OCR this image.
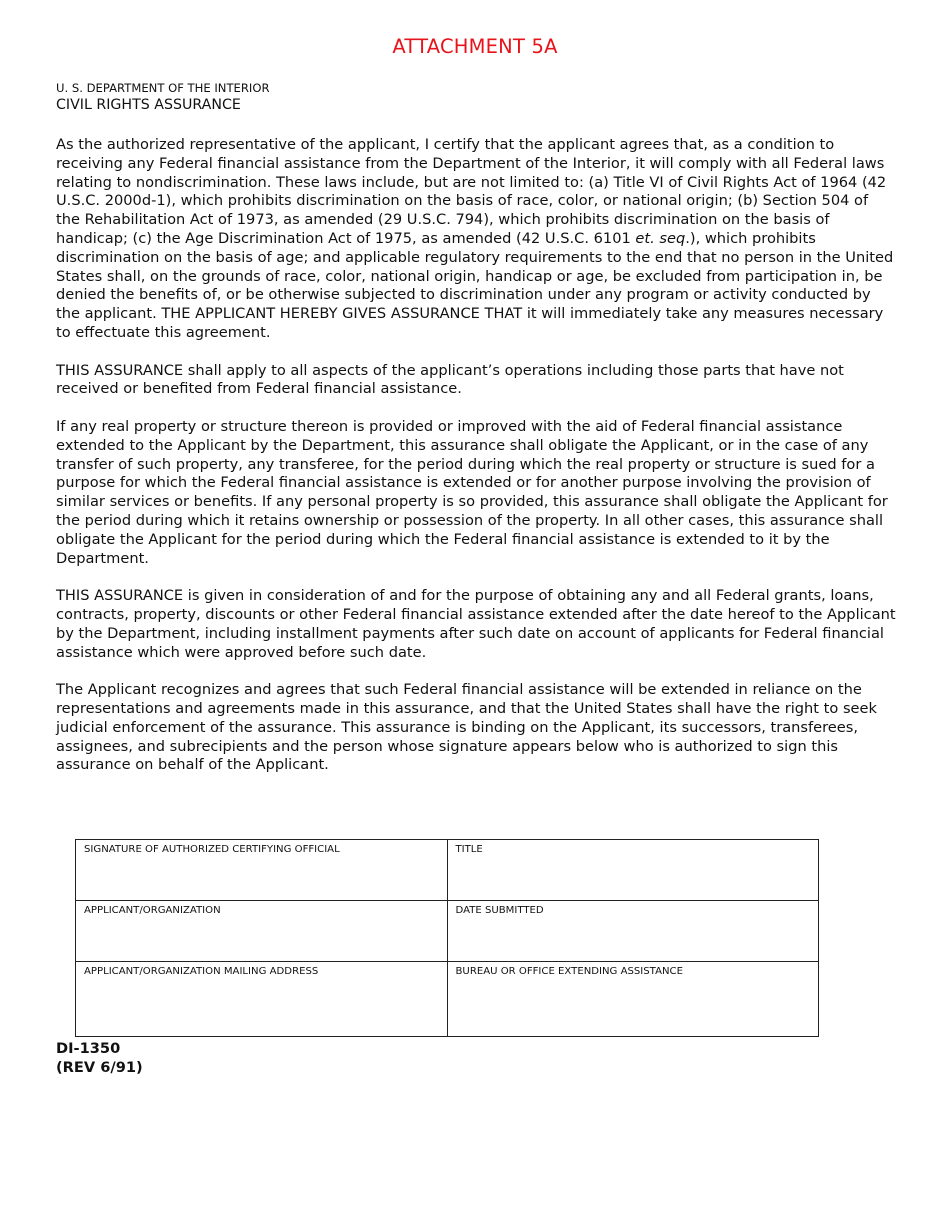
ATTACHMENT 5A
U. S. DEPARTMENT OF THE INTERIOR
CIVIL RIGHTS ASSURANCE

As the authorized representative of the applicant, I certify that the applicant agrees that, as a condition to receiving any Federal financial assistance from the Department of the Interior, it will comply with all Federal laws relating to nondiscrimination. These laws include, but are not limited to: (a) Title VI of Civil Rights Act of 1964 (42 U.S.C. 2000d-1), which prohibits discrimination on the basis of race, color, or national origin; (b) Section 504 of the Rehabilitation Act of 1973, as amended (29 U.S.C. 794), which prohibits discrimination on the basis of handicap; (c) the Age Discrimination Act of 1975, as amended (42 U.S.C. 6101 et. seq.), which prohibits discrimination on the basis of age; and applicable regulatory requirements to the end that no person in the United States shall, on the grounds of race, color, national origin, handicap or age, be excluded from participation in, be denied the benefits of, or be otherwise subjected to discrimination under any program or activity conducted by the applicant. THE APPLICANT HEREBY GIVES ASSURANCE THAT it will immediately take any measures necessary to effectuate this agreement.

THIS ASSURANCE shall apply to all aspects of the applicant’s operations including those parts that have not received or benefited from Federal financial assistance.

If any real property or structure thereon is provided or improved with the aid of Federal financial assistance extended to the Applicant by the Department, this assurance shall obligate the Applicant, or in the case of any transfer of such property, any transferee, for the period during which the real property or structure is sued for a purpose for which the Federal financial assistance is extended or for another purpose involving the provision of similar services or benefits. If any personal property is so provided, this assurance shall obligate the Applicant for the period during which it retains ownership or possession of the property. In all other cases, this assurance shall obligate the Applicant for the period during which the Federal financial assistance is extended to it by the Department.

THIS ASSURANCE is given in consideration of and for the purpose of obtaining any and all Federal grants, loans, contracts, property, discounts or other Federal financial assistance extended after the date hereof to the Applicant by the Department, including installment payments after such date on account of applicants for Federal financial assistance which were approved before such date.

The Applicant recognizes and agrees that such Federal financial assistance will be extended in reliance on the representations and agreements made in this assurance, and that the United States shall have the right to seek judicial enforcement of the assurance. This assurance is binding on the Applicant, its successors, transferees, assignees, and subrecipients and the person whose signature appears below who is authorized to sign this assurance on behalf of the Applicant.

SIGNATURE OF AUTHORIZED CERTIFYING OFFICIAL	TITLE
APPLICANT/ORGANIZATION	DATE SUBMITTED
APPLICANT/ORGANIZATION MAILING ADDRESS	BUREAU OR OFFICE EXTENDING ASSISTANCE
DI-1350
(REV 6/91)
